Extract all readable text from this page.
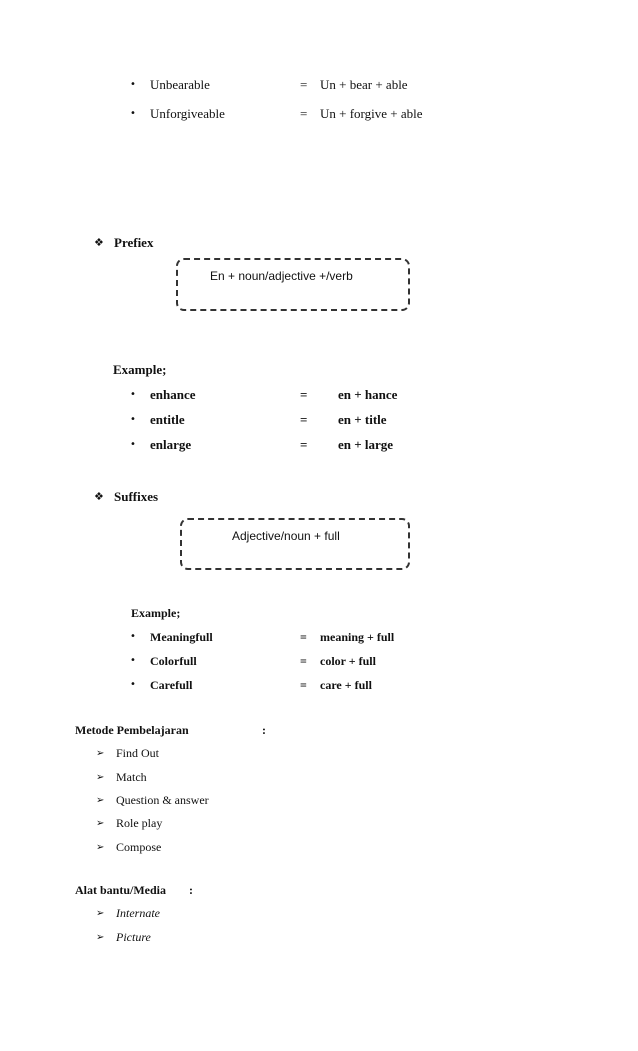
• Unbearable	= Un + bear + able
• Unforgiveable	= Un + forgive + able
❖ Prefiex
En + noun/adjective +/verb
Example;
• enhance	= en + hance
• entitle	= en + title
• enlarge	= en + large
❖ Suffixes
Adjective/noun + full
Example;
• Meaningfull	= meaning + full
• Colorfull	= color + full
• Carefull	= care + full
Metode Pembelajaran	:
➢ Find Out
➢ Match
➢ Question & answer
➢ Role play
➢ Compose
Alat bantu/Media :
➢ Internate
➢ Picture
